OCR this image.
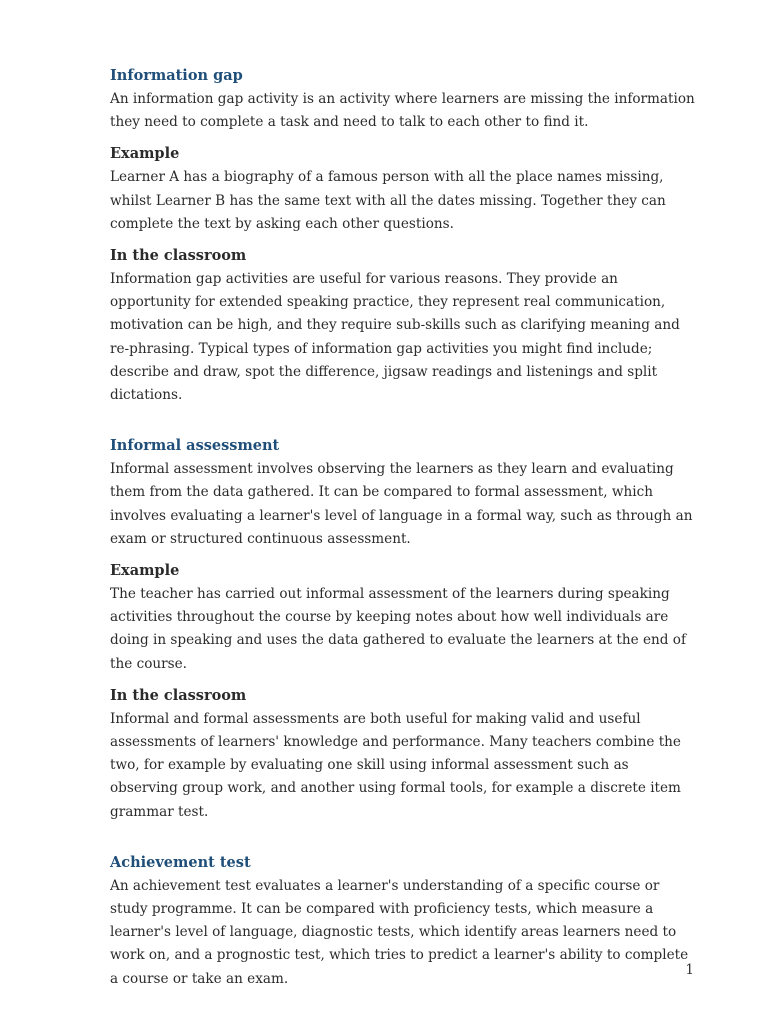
Information gap

An information gap activity is an activity where learners are missing the information they need to complete a task and need to talk to each other to find it.

Example

Learner A has a biography of a famous person with all the place names missing, whilst Learner B has the same text with all the dates missing. Together they can complete the text by asking each other questions.

In the classroom

Information gap activities are useful for various reasons. They provide an opportunity for extended speaking practice, they represent real communication, motivation can be high, and they require sub-skills such as clarifying meaning and re-phrasing. Typical types of information gap activities you might find include; describe and draw, spot the difference, jigsaw readings and listenings and split dictations.

Informal assessment

Informal assessment involves observing the learners as they learn and evaluating them from the data gathered. It can be compared to formal assessment, which involves evaluating a learner's level of language in a formal way, such as through an exam or structured continuous assessment.

Example

The teacher has carried out informal assessment of the learners during speaking activities throughout the course by keeping notes about how well individuals are doing in speaking and uses the data gathered to evaluate the learners at the end of the course.

In the classroom

Informal and formal assessments are both useful for making valid and useful assessments of learners' knowledge and performance. Many teachers combine the two, for example by evaluating one skill using informal assessment such as observing group work, and another using formal tools, for example a discrete item grammar test.

Achievement test

An achievement test evaluates a learner's understanding of a specific course or study programme. It can be compared with proficiency tests, which measure a learner's level of language, diagnostic tests, which identify areas learners need to work on, and a prognostic test, which tries to predict a learner's ability to complete a course or take an exam.

1
